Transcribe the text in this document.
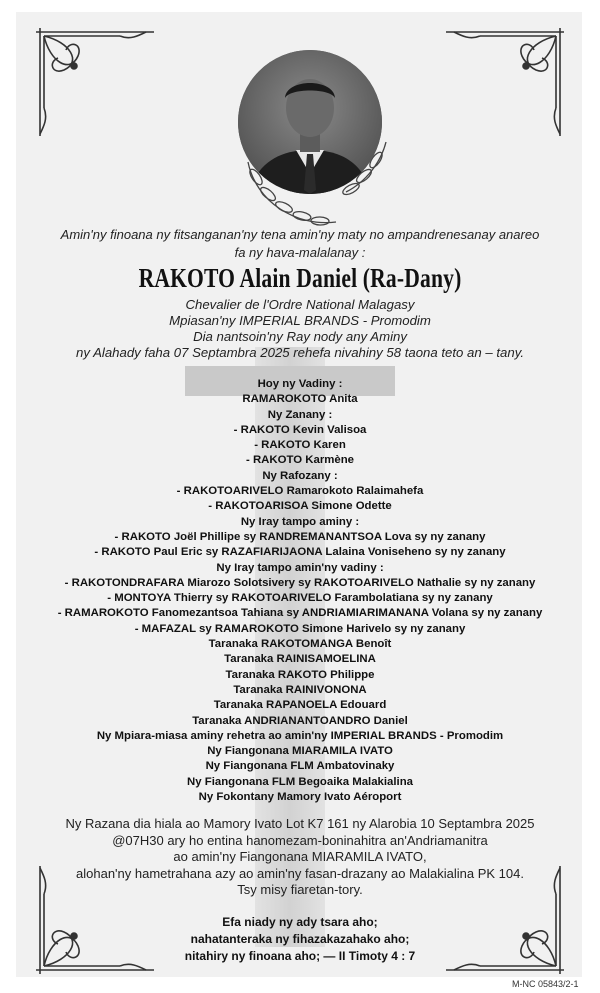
Amin'ny finoana ny fitsanganan'ny tena amin'ny maty no ampandrenesanay anareo
fa ny hava-malalanay :
RAKOTO Alain Daniel (Ra-Dany)
Chevalier de l'Ordre National Malagasy
Mpiasan'ny IMPERIAL BRANDS - Promodim
Dia nantsoin'ny Ray nody any Aminy
ny Alahady faha 07 Septambra 2025 rehefa nivahiny 58 taona teto an – tany.
Hoy ny Vadiny :
RAMAROKOTO Anita
Ny Zanany :
- RAKOTO Kevin Valisoa
- RAKOTO Karen
- RAKOTO Karmène
Ny Rafozany :
- RAKOTOARIVELO Ramarokoto Ralaimahefa
- RAKOTOARISOA Simone Odette
Ny Iray tampo aminy :
- RAKOTO Joël Phillipe sy RANDREMANANTSOA Lova sy ny zanany
- RAKOTO Paul Eric sy RAZAFIARIJAONA Lalaina Voniseheno sy ny zanany
Ny Iray tampo amin'ny vadiny :
- RAKOTONDRAFARA Miarozo Solotsivery sy RAKOTOARIVELO Nathalie sy ny zanany
- MONTOYA Thierry sy RAKOTOARIVELO Farambolatiana sy ny zanany
- RAMAROKOTO Fanomezantsoa Tahiana sy ANDRIAMIARIMANANA Volana sy ny zanany
- MAFAZAL sy RAMAROKOTO Simone Harivelo sy ny zanany
Taranaka RAKOTOMANGA Benoît
Taranaka RAINISAMOELINA
Taranaka RAKOTO Philippe
Taranaka RAINIVONONA
Taranaka RAPANOELA Edouard
Taranaka ANDRIANANTOANDRO Daniel
Ny Mpiara-miasa aminy rehetra ao amin'ny IMPERIAL BRANDS - Promodim
Ny Fiangonana MIARAMILA IVATO
Ny Fiangonana FLM Ambatovinaky
Ny Fiangonana FLM Begoaika Malakialina
Ny Fokontany Mamory Ivato Aéroport
Ny Razana dia hiala ao Mamory Ivato Lot K7 161 ny Alarobia 10 Septambra 2025
@07H30 ary ho entina hanomezam-boninahitra an'Andriamanitra
ao amin'ny Fiangonana MIARAMILA IVATO,
alohan'ny hametrahana azy ao amin'ny fasan-drazany ao Malakialina PK 104.
Tsy misy fiaretan-tory.
Efa niady ny ady tsara aho;
nahatanteraka ny fihazakazahako aho;
nitahiry ny finoana aho; — II Timoty 4 : 7
M-NC 05843/2-1
